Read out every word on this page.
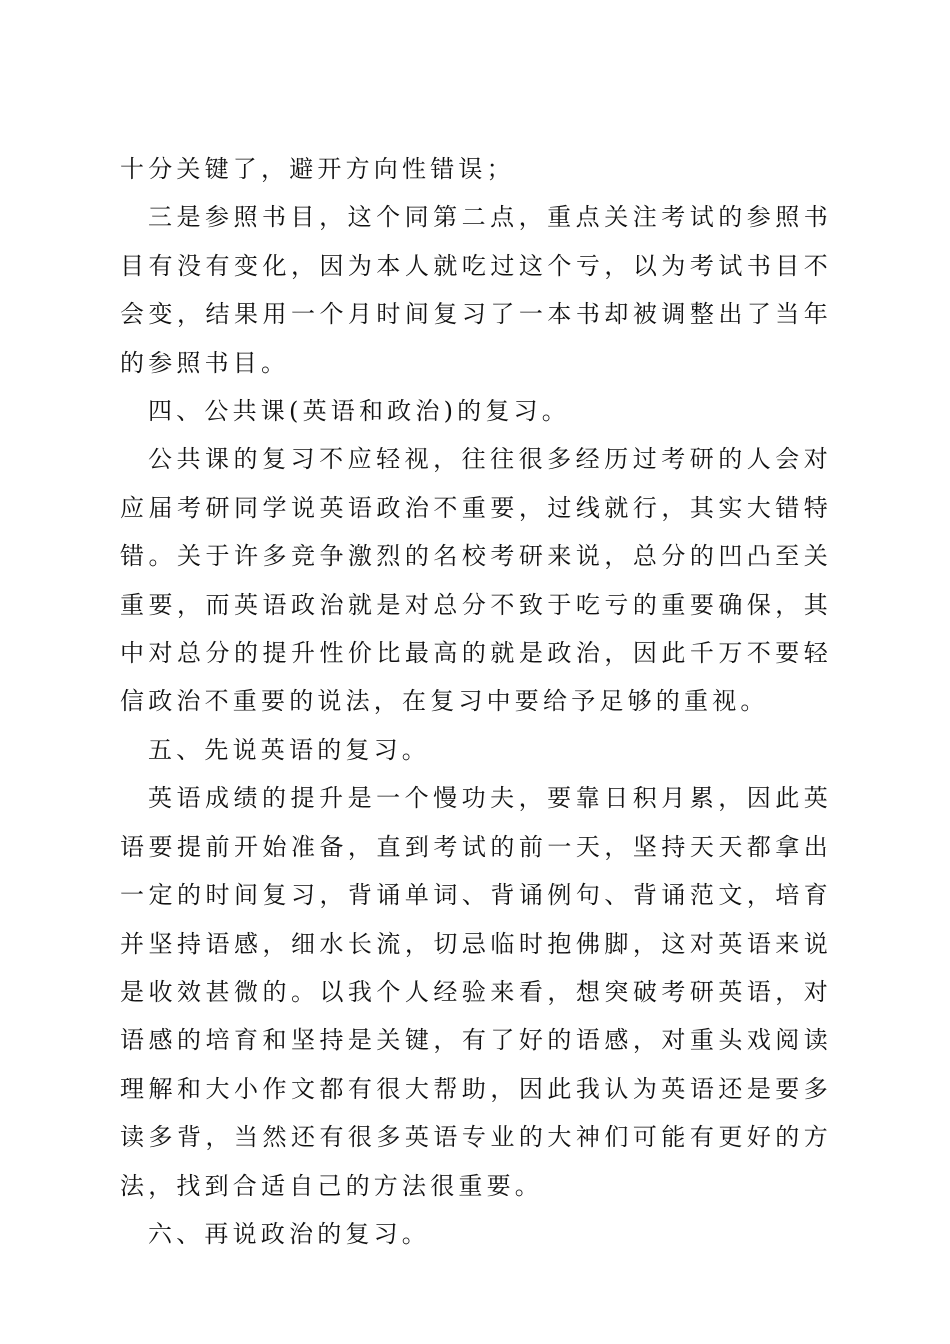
十分关键了，避开方向性错误；

三是参照书目，这个同第二点，重点关注考试的参照书目有没有变化，因为本人就吃过这个亏，以为考试书目不会变，结果用一个月时间复习了一本书却被调整出了当年的参照书目。

四、公共课(英语和政治)的复习。

公共课的复习不应轻视，往往很多经历过考研的人会对应届考研同学说英语政治不重要，过线就行，其实大错特错。关于许多竞争激烈的名校考研来说，总分的凹凸至关重要，而英语政治就是对总分不致于吃亏的重要确保，其中对总分的提升性价比最高的就是政治，因此千万不要轻信政治不重要的说法，在复习中要给予足够的重视。

五、先说英语的复习。

英语成绩的提升是一个慢功夫，要靠日积月累，因此英语要提前开始准备，直到考试的前一天，坚持天天都拿出一定的时间复习，背诵单词、背诵例句、背诵范文，培育并坚持语感，细水长流，切忌临时抱佛脚，这对英语来说是收效甚微的。以我个人经验来看，想突破考研英语，对语感的培育和坚持是关键，有了好的语感，对重头戏阅读理解和大小作文都有很大帮助，因此我认为英语还是要多读多背，当然还有很多英语专业的大神们可能有更好的方法，找到合适自己的方法很重要。

六、再说政治的复习。
